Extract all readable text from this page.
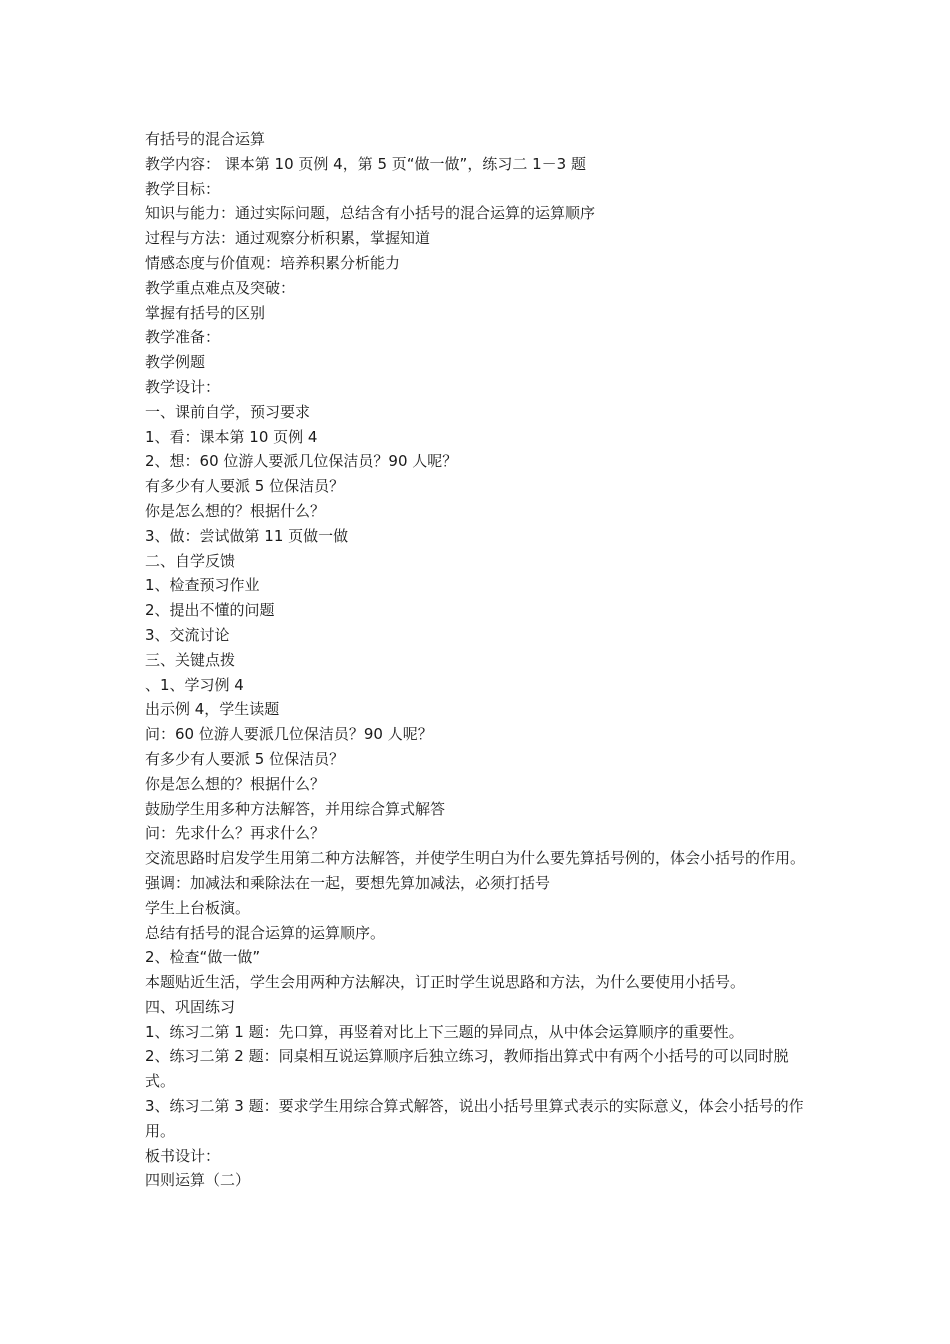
有括号的混合运算

教学内容： 课本第 10 页例 4，第 5 页“做一做”，练习二 1－3 题

教学目标：

知识与能力：通过实际问题，总结含有小括号的混合运算的运算顺序

过程与方法：通过观察分析积累，掌握知道

情感态度与价值观：培养积累分析能力

教学重点难点及突破：

掌握有括号的区别

教学准备：

教学例题

教学设计：

一、课前自学，预习要求

1、看：课本第 10 页例 4

2、想：60 位游人要派几位保洁员？90 人呢？

有多少有人要派 5 位保洁员？

你是怎么想的？根据什么？

3、做：尝试做第 11 页做一做

二、自学反馈

1、检查预习作业

2、提出不懂的问题

3、交流讨论

三、关键点拨

、1、学习例 4

出示例 4，学生读题

问：60 位游人要派几位保洁员？90 人呢？

有多少有人要派 5 位保洁员？

你是怎么想的？根据什么？

鼓励学生用多种方法解答，并用综合算式解答

问：先求什么？再求什么？

交流思路时启发学生用第二种方法解答，并使学生明白为什么要先算括号例的，体会小括号的作用。

强调：加减法和乘除法在一起，要想先算加减法，必须打括号

学生上台板演。

总结有括号的混合运算的运算顺序。

2、检查“做一做”

本题贴近生活，学生会用两种方法解决，订正时学生说思路和方法，为什么要使用小括号。

四、巩固练习

1、练习二第 1 题：先口算，再竖着对比上下三题的异同点，从中体会运算顺序的重要性。

2、练习二第 2 题：同桌相互说运算顺序后独立练习，教师指出算式中有两个小括号的可以同时脱式。

3、练习二第 3 题：要求学生用综合算式解答，说出小括号里算式表示的实际意义，体会小括号的作用。

板书设计：

四则运算（二）
